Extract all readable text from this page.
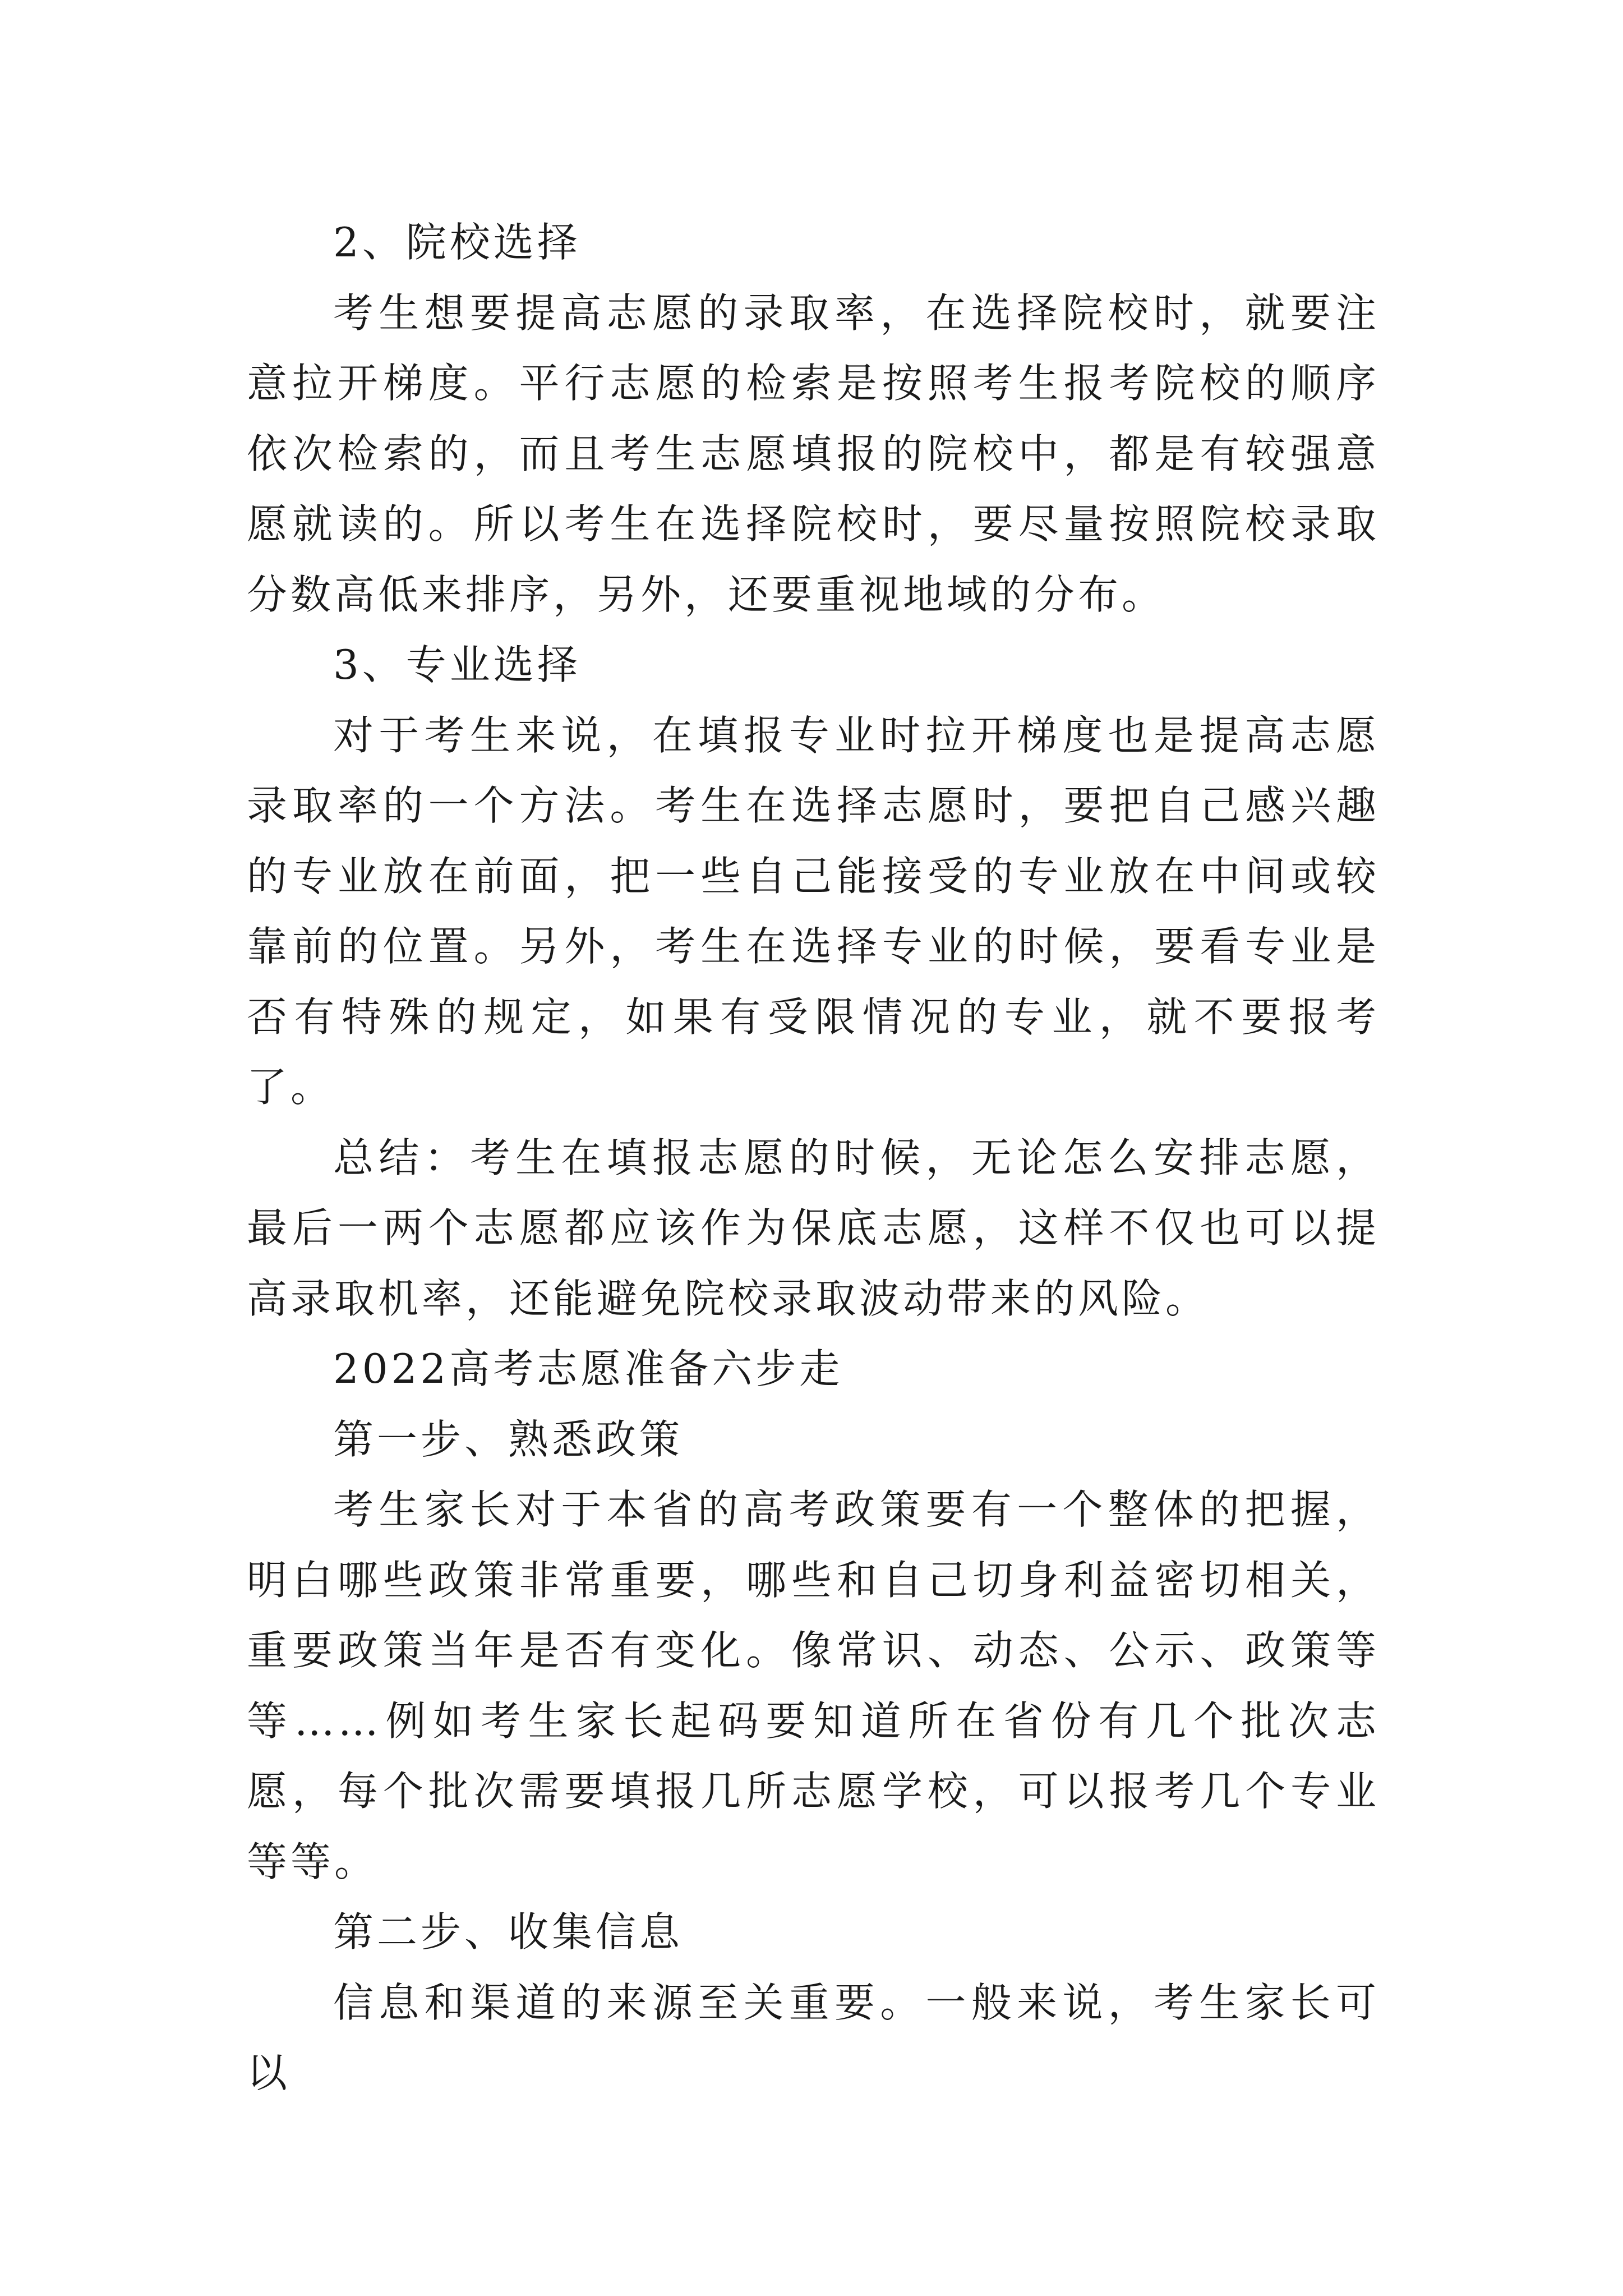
2、院校选择

考生想要提高志愿的录取率，在选择院校时，就要注意拉开梯度。平行志愿的检索是按照考生报考院校的顺序依次检索的，而且考生志愿填报的院校中，都是有较强意愿就读的。所以考生在选择院校时，要尽量按照院校录取分数高低来排序，另外，还要重视地域的分布。

3、专业选择

对于考生来说，在填报专业时拉开梯度也是提高志愿录取率的一个方法。考生在选择志愿时，要把自己感兴趣的专业放在前面，把一些自己能接受的专业放在中间或较靠前的位置。另外，考生在选择专业的时候，要看专业是否有特殊的规定，如果有受限情况的专业，就不要报考了。

总结：考生在填报志愿的时候，无论怎么安排志愿，最后一两个志愿都应该作为保底志愿，这样不仅也可以提高录取机率，还能避免院校录取波动带来的风险。

2022高考志愿准备六步走

第一步、熟悉政策

考生家长对于本省的高考政策要有一个整体的把握，明白哪些政策非常重要，哪些和自己切身利益密切相关，重要政策当年是否有变化。像常识、动态、公示、政策等等……例如考生家长起码要知道所在省份有几个批次志愿，每个批次需要填报几所志愿学校，可以报考几个专业等等。

第二步、收集信息

信息和渠道的来源至关重要。一般来说，考生家长可以
